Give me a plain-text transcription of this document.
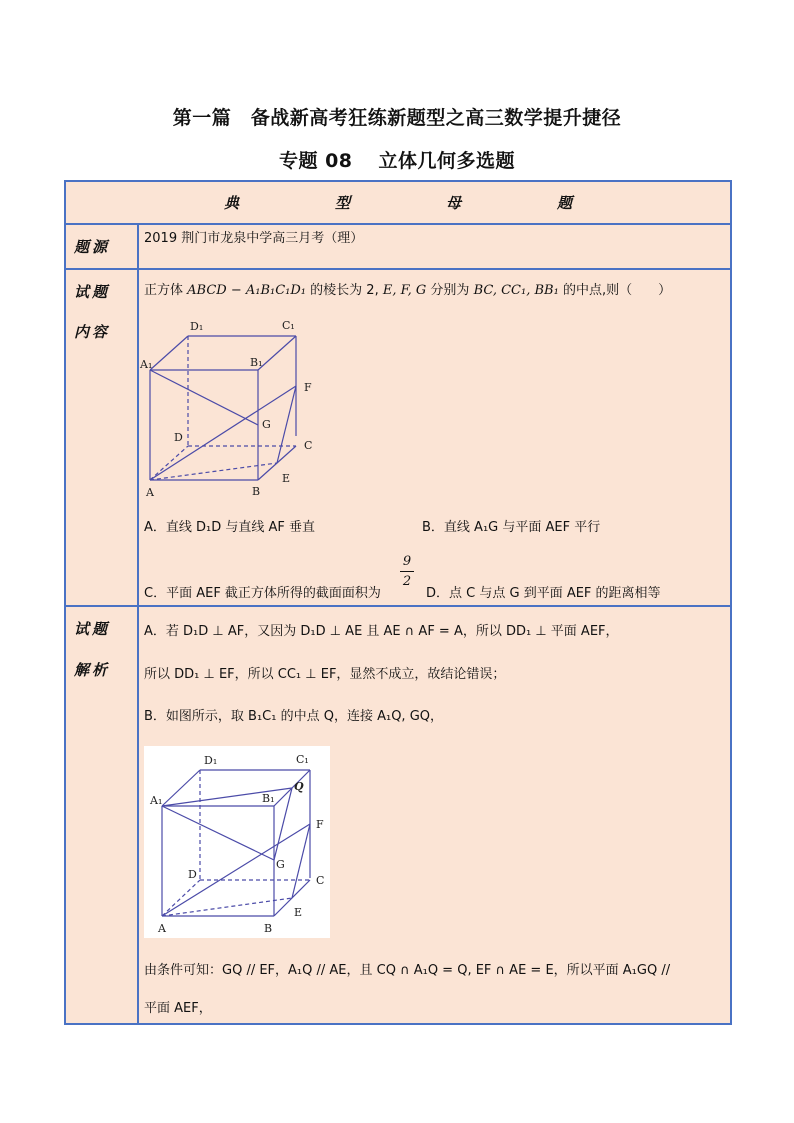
第一篇　备战新高考狂练新题型之高三数学提升捷径
专题 08 立体几何多选题
典	型	母	题
题源	2019 荆门市龙泉中学高三月考（理）
试题
内容
正方体 ABCD − A₁B₁C₁D₁ 的棱长为 2, E, F, G 分别为 BC, CC₁, BB₁ 的中点,则（　　）
D₁	C₁
A₁	B₁
F
G
D
C
E
A	B
A．直线 D₁D 与直线 AF 垂直	B．直线 A₁G 与平面 AEF 平行
C．平面 AEF 截正方体所得的截面面积为
9
2
D．点 C 与点 G 到平面 AEF 的距离相等
试题
解析
A．若 D₁D ⊥ AF，又因为 D₁D ⊥ AE 且 AE ∩ AF = A，所以 DD₁ ⊥ 平面 AEF，
所以 DD₁ ⊥ EF，所以 CC₁ ⊥ EF，显然不成立，故结论错误；
B．如图所示，取 B₁C₁ 的中点 Q，连接 A₁Q, GQ，
D₁	C₁
A₁	B₁
Q
F
G
D	C
E
A	B
由条件可知：GQ // EF，A₁Q // AE，且 CQ ∩ A₁Q = Q, EF ∩ AE = E，所以平面 A₁GQ //
平面 AEF，
